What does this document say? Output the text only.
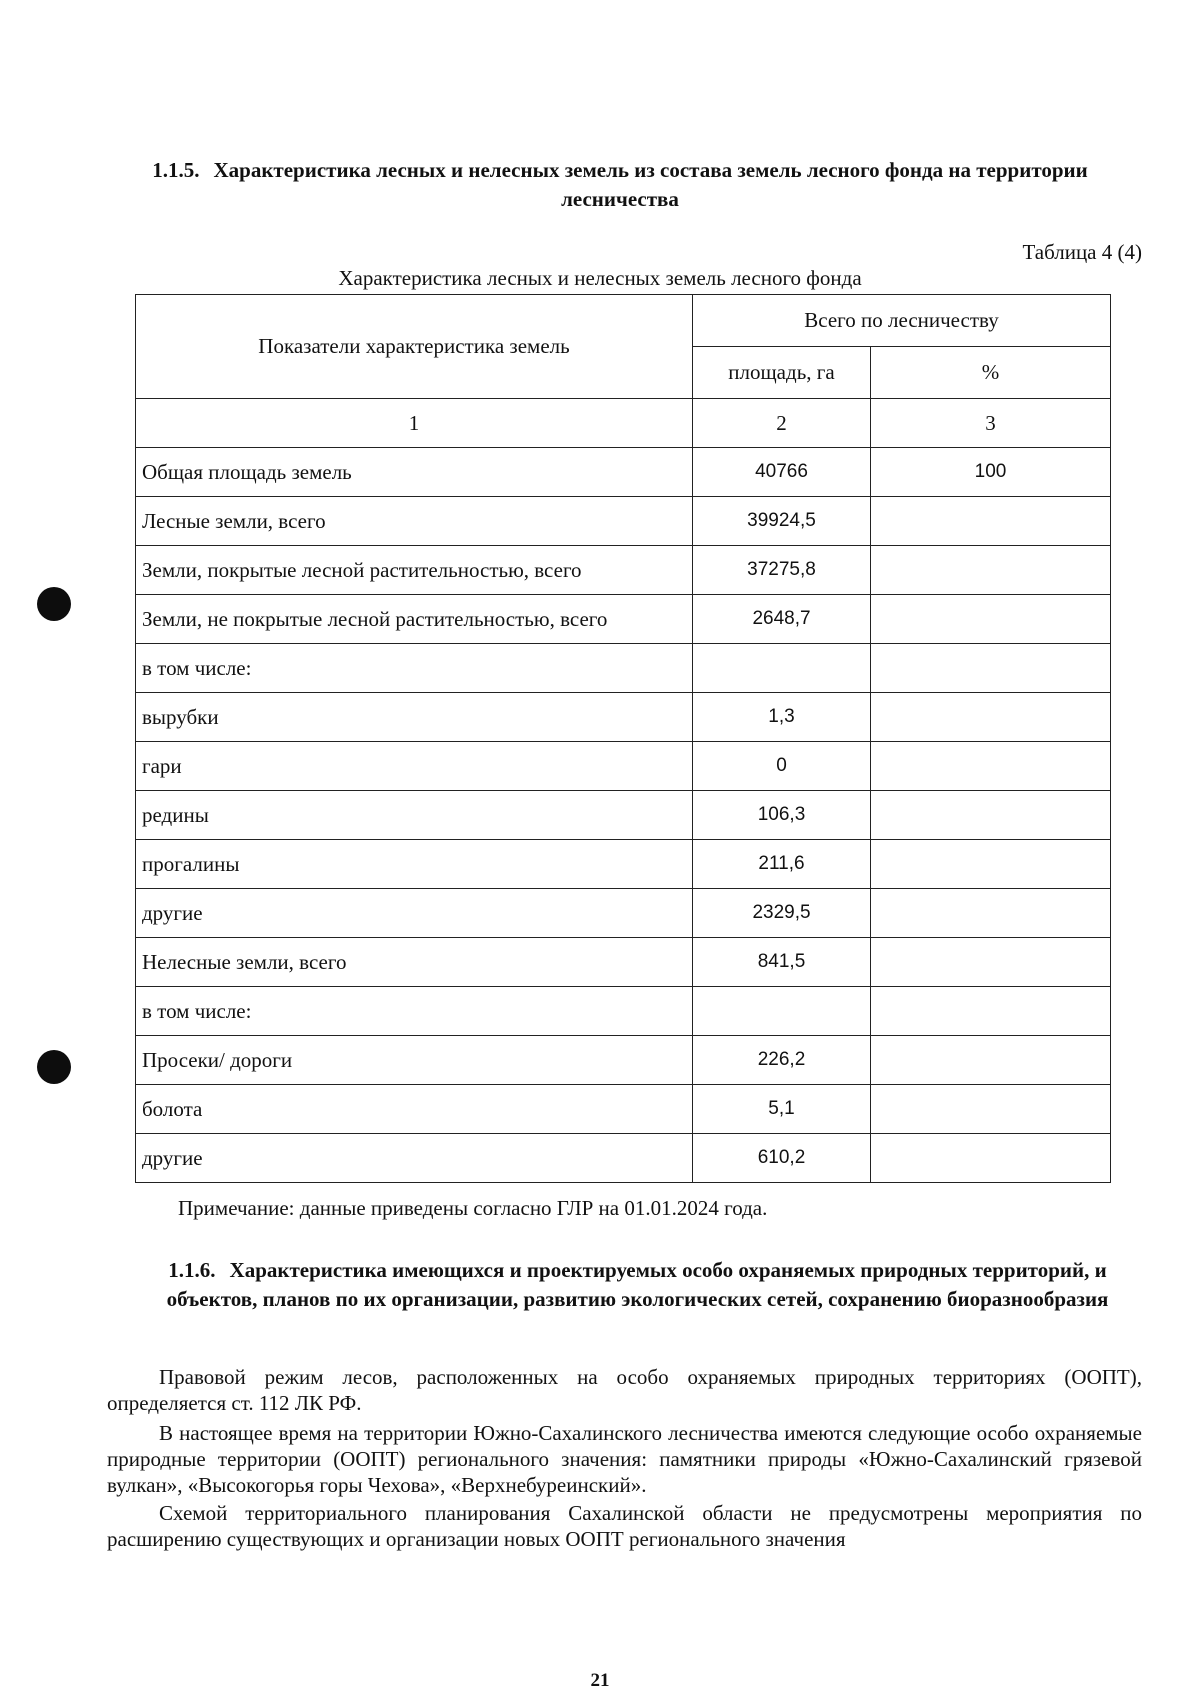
1.1.5. Характеристика лесных и нелесных земель из состава земель лесного фонда на территории лесничества
Таблица 4 (4)
Характеристика лесных и нелесных земель лесного фонда
Показатели характеристика земель	Всего по лесничеству	
	площадь, га	%
1	2	3
Общая площадь земель	40766	100
Лесные земли, всего	39924,5	
Земли, покрытые лесной растительностью, всего	37275,8	
Земли, не покрытые лесной растительностью, всего	2648,7	
в том числе:		
вырубки	1,3	
гари	0	
редины	106,3	
прогалины	211,6	
другие	2329,5	
Нелесные земли, всего	841,5	
в том числе:		
Просеки/ дороги	226,2	
болота	5,1	
другие	610,2	
Примечание: данные приведены согласно ГЛР на 01.01.2024 года.
1.1.6. Характеристика имеющихся и проектируемых особо охраняемых природных территорий, и объектов, планов по их организации, развитию экологических сетей, сохранению биоразнообразия
Правовой режим лесов, расположенных на особо охраняемых природных территориях (ООПТ), определяется ст. 112 ЛК РФ.
В настоящее время на территории Южно-Сахалинского лесничества имеются следующие особо охраняемые природные территории (ООПТ) регионального значения: памятники природы «Южно-Сахалинский грязевой вулкан», «Высокогорья горы Чехова», «Верхнебуреинский».
Схемой территориального планирования Сахалинской области не предусмотрены мероприятия по расширению существующих и организации новых ООПТ регионального значения
21
